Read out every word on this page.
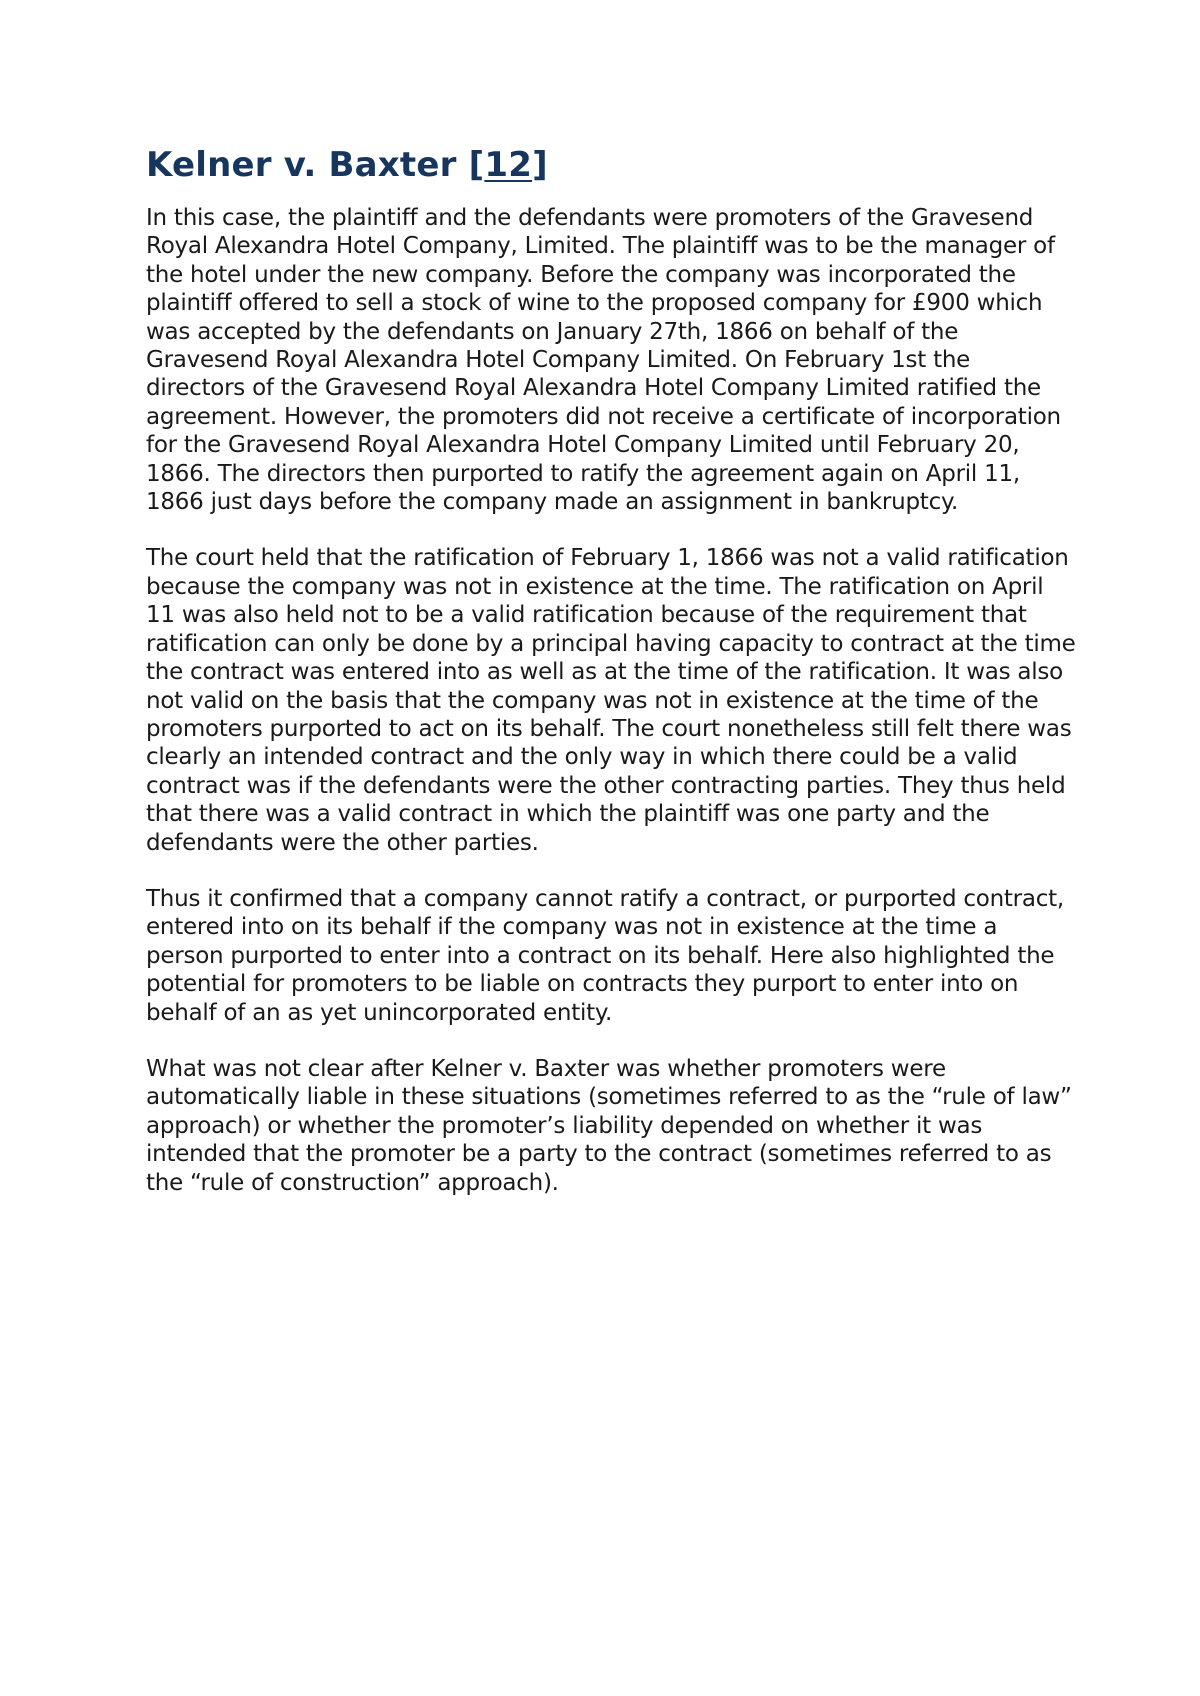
Kelner v. Baxter [12]

In this case, the plaintiff and the defendants were promoters of the Gravesend Royal Alexandra Hotel Company, Limited. The plaintiff was to be the manager of the hotel under the new company. Before the company was incorporated the plaintiff offered to sell a stock of wine to the proposed company for £900 which was accepted by the defendants on January 27th, 1866 on behalf of the Gravesend Royal Alexandra Hotel Company Limited. On February 1st the directors of the Gravesend Royal Alexandra Hotel Company Limited ratified the agreement. However, the promoters did not receive a certificate of incorporation for the Gravesend Royal Alexandra Hotel Company Limited until February 20, 1866. The directors then purported to ratify the agreement again on April 11, 1866 just days before the company made an assignment in bankruptcy.

The court held that the ratification of February 1, 1866 was not a valid ratification because the company was not in existence at the time. The ratification on April 11 was also held not to be a valid ratification because of the requirement that ratification can only be done by a principal having capacity to contract at the time the contract was entered into as well as at the time of the ratification. It was also not valid on the basis that the company was not in existence at the time of the promoters purported to act on its behalf. The court nonetheless still felt there was clearly an intended contract and the only way in which there could be a valid contract was if the defendants were the other contracting parties. They thus held that there was a valid contract in which the plaintiff was one party and the defendants were the other parties.

Thus it confirmed that a company cannot ratify a contract, or purported contract, entered into on its behalf if the company was not in existence at the time a person purported to enter into a contract on its behalf. Here also highlighted the potential for promoters to be liable on contracts they purport to enter into on behalf of an as yet unincorporated entity.

What was not clear after Kelner v. Baxter was whether promoters were automatically liable in these situations (sometimes referred to as the “rule of law” approach) or whether the promoter’s liability depended on whether it was intended that the promoter be a party to the contract (sometimes referred to as the “rule of construction” approach).
